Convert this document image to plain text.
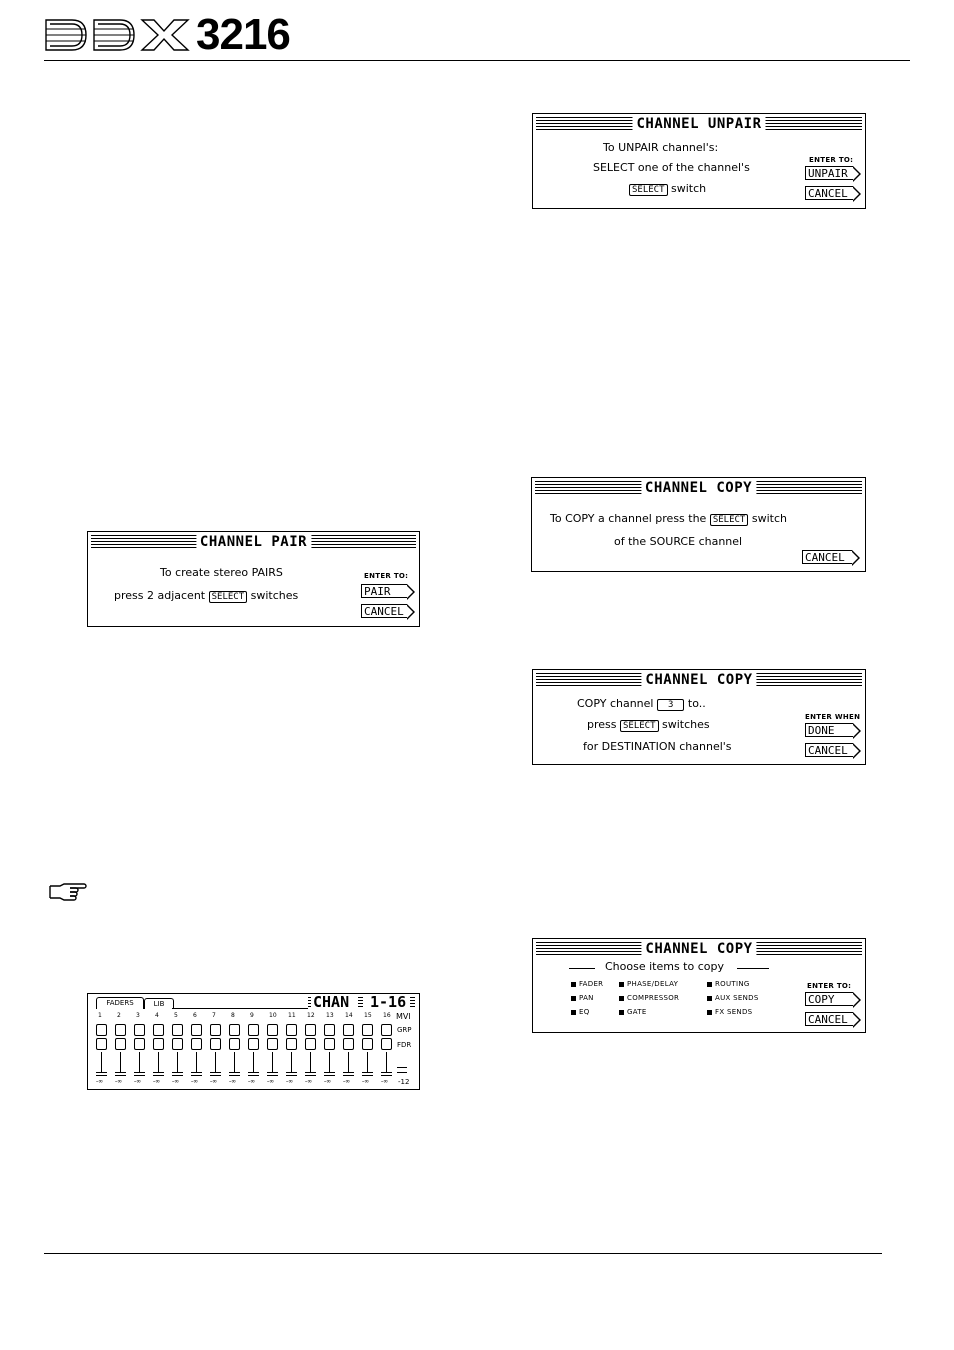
3216
CHANNEL UNPAIR
To UNPAIR channel's:
SELECT one of the channel's
SELECT switch
ENTER TO:
UNPAIR
CANCEL
CHANNEL COPY
To COPY a channel press the SELECT switch
of the SOURCE channel
CANCEL
CHANNEL PAIR
To create stereo PAIRS
press 2 adjacent SELECT switches
ENTER TO:
PAIR
CANCEL
CHANNEL COPY
COPY channel 3 to..
press SELECT switches
for DESTINATION channel's
ENTER WHEN
DONE
CANCEL
CHANNEL COPY
Choose items to copy
FADER
PAN
EQ
PHASE/DELAY
COMPRESSOR
GATE
ROUTING
AUX SENDS
FX SENDS
ENTER TO:
COPY
CANCEL
FADERS	LIB	CHAN 1-16
1
-∞
2
-∞
3
-∞
4
-∞
5
-∞
6
-∞
7
-∞
8
-∞
9
-∞
10
-∞
11
-∞
12
-∞
13
-∞
14
-∞
15
-∞
16
-∞
MVI
GRP
FDR
-12
